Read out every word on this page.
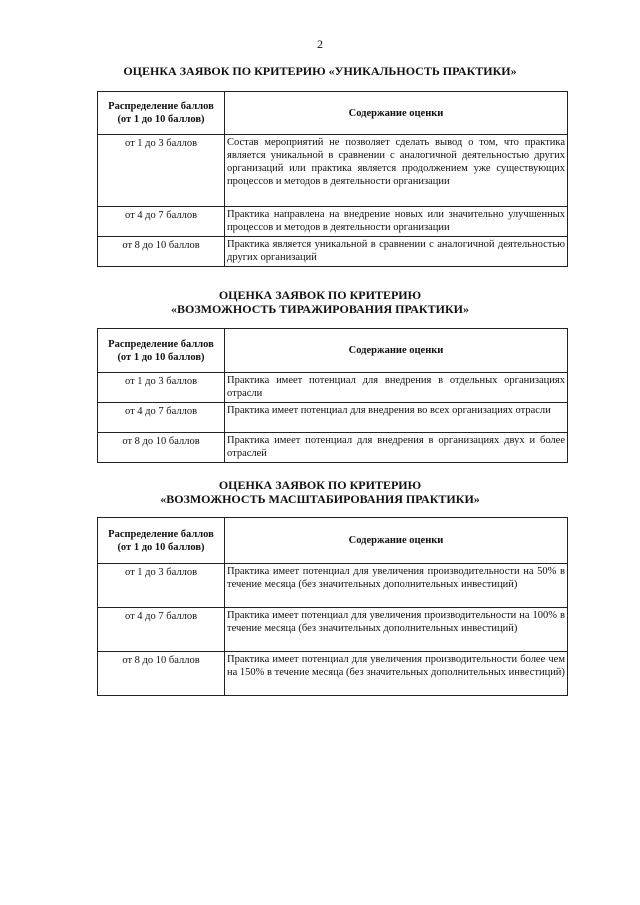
2
ОЦЕНКА ЗАЯВОК ПО КРИТЕРИЮ «УНИКАЛЬНОСТЬ ПРАКТИКИ»
Распределение баллов (от 1 до 10 баллов)	Содержание оценки
от 1 до 3 баллов	Состав мероприятий не позволяет сделать вывод о том, что практика является уникальной в сравнении с аналогичной деятельностью других организаций или практика является продолжением уже существующих процессов и методов в деятельности организации
от 4 до 7 баллов	Практика направлена на внедрение новых или значительно улучшенных процессов и методов в деятельности организации
от 8 до 10 баллов	Практика является уникальной в сравнении с аналогичной деятельностью других организаций
ОЦЕНКА ЗАЯВОК ПО КРИТЕРИЮ
«ВОЗМОЖНОСТЬ ТИРАЖИРОВАНИЯ ПРАКТИКИ»
Распределение баллов (от 1 до 10 баллов)	Содержание оценки
от 1 до 3 баллов	Практика имеет потенциал для внедрения в отдельных организациях отрасли
от 4 до 7 баллов	Практика имеет потенциал для внедрения во всех организациях отрасли
от 8 до 10 баллов	Практика имеет потенциал для внедрения в организациях двух и более отраслей
ОЦЕНКА ЗАЯВОК ПО КРИТЕРИЮ
«ВОЗМОЖНОСТЬ МАСШТАБИРОВАНИЯ ПРАКТИКИ»
Распределение баллов (от 1 до 10 баллов)	Содержание оценки
от 1 до 3 баллов	Практика имеет потенциал для увеличения производительности на 50% в течение месяца (без значительных дополнительных инвестиций)
от 4 до 7 баллов	Практика имеет потенциал для увеличения производительности на 100% в течение месяца (без значительных дополнительных инвестиций)
от 8 до 10 баллов	Практика имеет потенциал для увеличения производительности более чем на 150% в течение месяца (без значительных дополнительных инвестиций)
